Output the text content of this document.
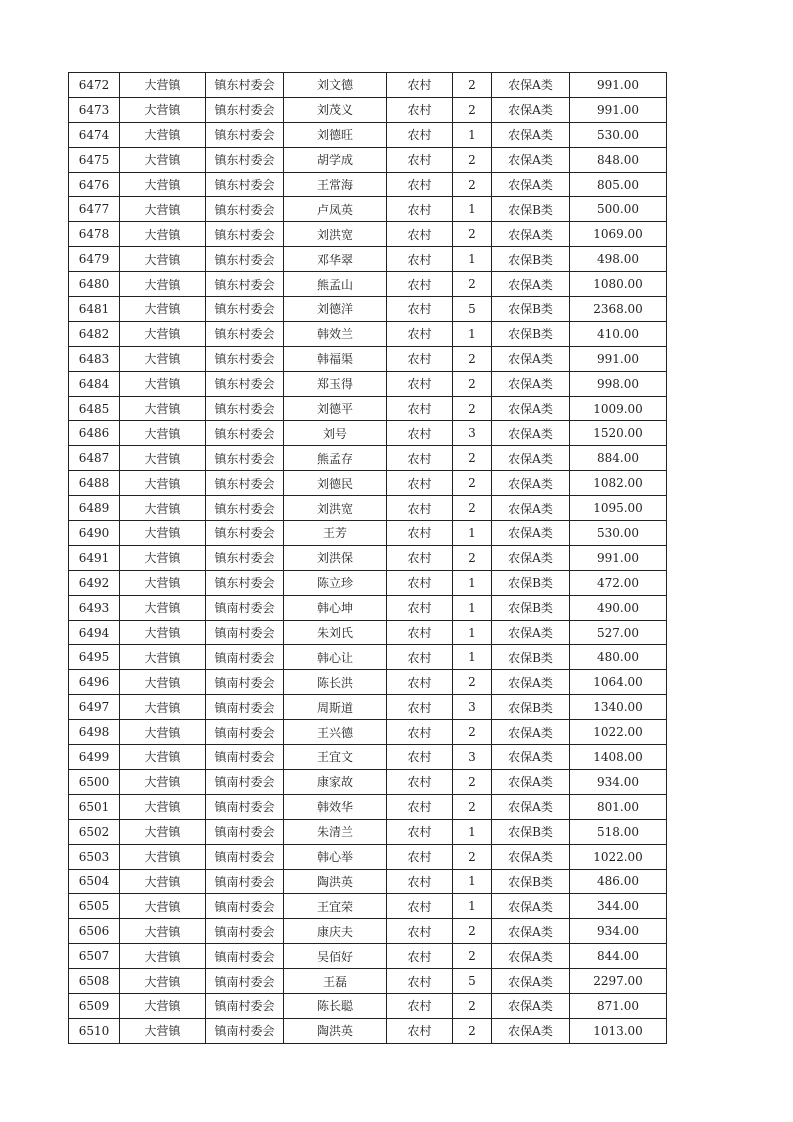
6472	大营镇	镇东村委会	刘文德	农村	2	农保A类	991.00
6473	大营镇	镇东村委会	刘茂义	农村	2	农保A类	991.00
6474	大营镇	镇东村委会	刘德旺	农村	1	农保A类	530.00
6475	大营镇	镇东村委会	胡学成	农村	2	农保A类	848.00
6476	大营镇	镇东村委会	王常海	农村	2	农保A类	805.00
6477	大营镇	镇东村委会	卢凤英	农村	1	农保B类	500.00
6478	大营镇	镇东村委会	刘洪宽	农村	2	农保A类	1069.00
6479	大营镇	镇东村委会	邓华翠	农村	1	农保B类	498.00
6480	大营镇	镇东村委会	熊孟山	农村	2	农保A类	1080.00
6481	大营镇	镇东村委会	刘德洋	农村	5	农保B类	2368.00
6482	大营镇	镇东村委会	韩效兰	农村	1	农保B类	410.00
6483	大营镇	镇东村委会	韩福渠	农村	2	农保A类	991.00
6484	大营镇	镇东村委会	郑玉得	农村	2	农保A类	998.00
6485	大营镇	镇东村委会	刘德平	农村	2	农保A类	1009.00
6486	大营镇	镇东村委会	刘号	农村	3	农保A类	1520.00
6487	大营镇	镇东村委会	熊孟存	农村	2	农保A类	884.00
6488	大营镇	镇东村委会	刘德民	农村	2	农保A类	1082.00
6489	大营镇	镇东村委会	刘洪宽	农村	2	农保A类	1095.00
6490	大营镇	镇东村委会	王芳	农村	1	农保A类	530.00
6491	大营镇	镇东村委会	刘洪保	农村	2	农保A类	991.00
6492	大营镇	镇东村委会	陈立珍	农村	1	农保B类	472.00
6493	大营镇	镇南村委会	韩心坤	农村	1	农保B类	490.00
6494	大营镇	镇南村委会	朱刘氏	农村	1	农保A类	527.00
6495	大营镇	镇南村委会	韩心让	农村	1	农保B类	480.00
6496	大营镇	镇南村委会	陈长洪	农村	2	农保A类	1064.00
6497	大营镇	镇南村委会	周斯道	农村	3	农保B类	1340.00
6498	大营镇	镇南村委会	王兴德	农村	2	农保A类	1022.00
6499	大营镇	镇南村委会	王宜文	农村	3	农保A类	1408.00
6500	大营镇	镇南村委会	康家故	农村	2	农保A类	934.00
6501	大营镇	镇南村委会	韩效华	农村	2	农保A类	801.00
6502	大营镇	镇南村委会	朱清兰	农村	1	农保B类	518.00
6503	大营镇	镇南村委会	韩心举	农村	2	农保A类	1022.00
6504	大营镇	镇南村委会	陶洪英	农村	1	农保B类	486.00
6505	大营镇	镇南村委会	王宜荣	农村	1	农保A类	344.00
6506	大营镇	镇南村委会	康庆夫	农村	2	农保A类	934.00
6507	大营镇	镇南村委会	吴佰好	农村	2	农保A类	844.00
6508	大营镇	镇南村委会	王磊	农村	5	农保A类	2297.00
6509	大营镇	镇南村委会	陈长聪	农村	2	农保A类	871.00
6510	大营镇	镇南村委会	陶洪英	农村	2	农保A类	1013.00
